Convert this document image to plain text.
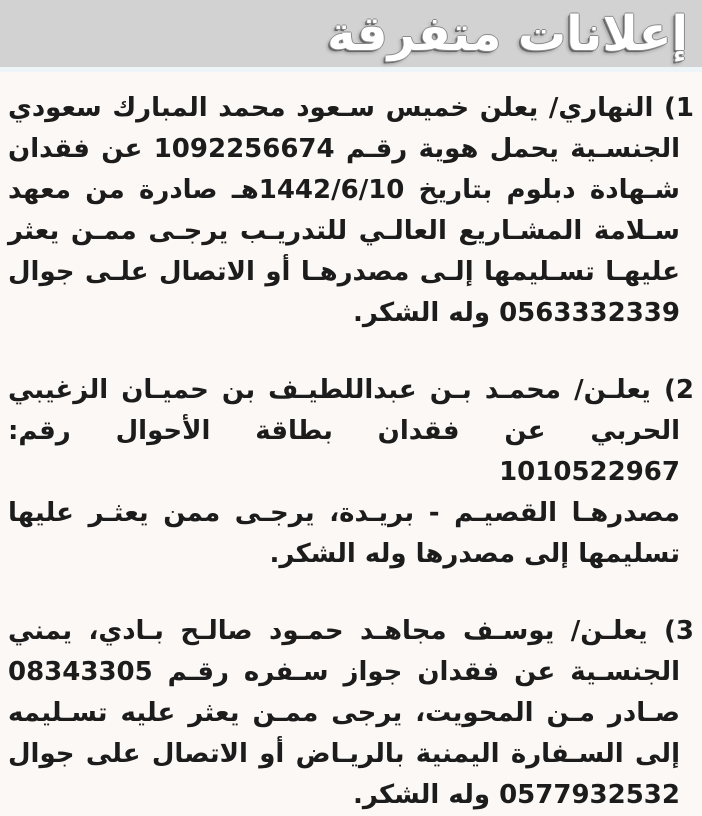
إعلانات متفرقة
1) النهاري/ يعلن خميس سـعود محمد المبارك سعودي
الجنسـية يحمل هوية رقـم 1092256674 عن فقدان
شـهادة دبلوم بتاريخ 1442/6/10هـ صادرة من معهد
سـلامة المشـاريع العالـي للتدريـب يرجـى ممـن يعثر
عليهـا تسـليمها إلـى مصدرهـا أو الاتصال علـى جوال
0563332339 وله الشكر.
2) يعلـن/ محمـد بـن عبداللطيـف بن حميـان الزغيبي
الحربي عن فقدان بطاقة الأحوال رقم: 1010522967
مصدرهـا القصيـم - بريـدة، يرجـى ممن يعثـر عليها
تسليمها إلى مصدرها وله الشكر.
3) يعلـن/ يوسـف مجاهـد حمـود صالـح بـادي، يمني
الجنسـية عن فقدان جواز سـفره رقـم 08343305
صـادر مـن المحويت، يرجى ممـن يعثر عليه تسـليمه
إلى السـفارة اليمنية بالريـاض أو الاتصال على جوال
0577932532 وله الشكر.
